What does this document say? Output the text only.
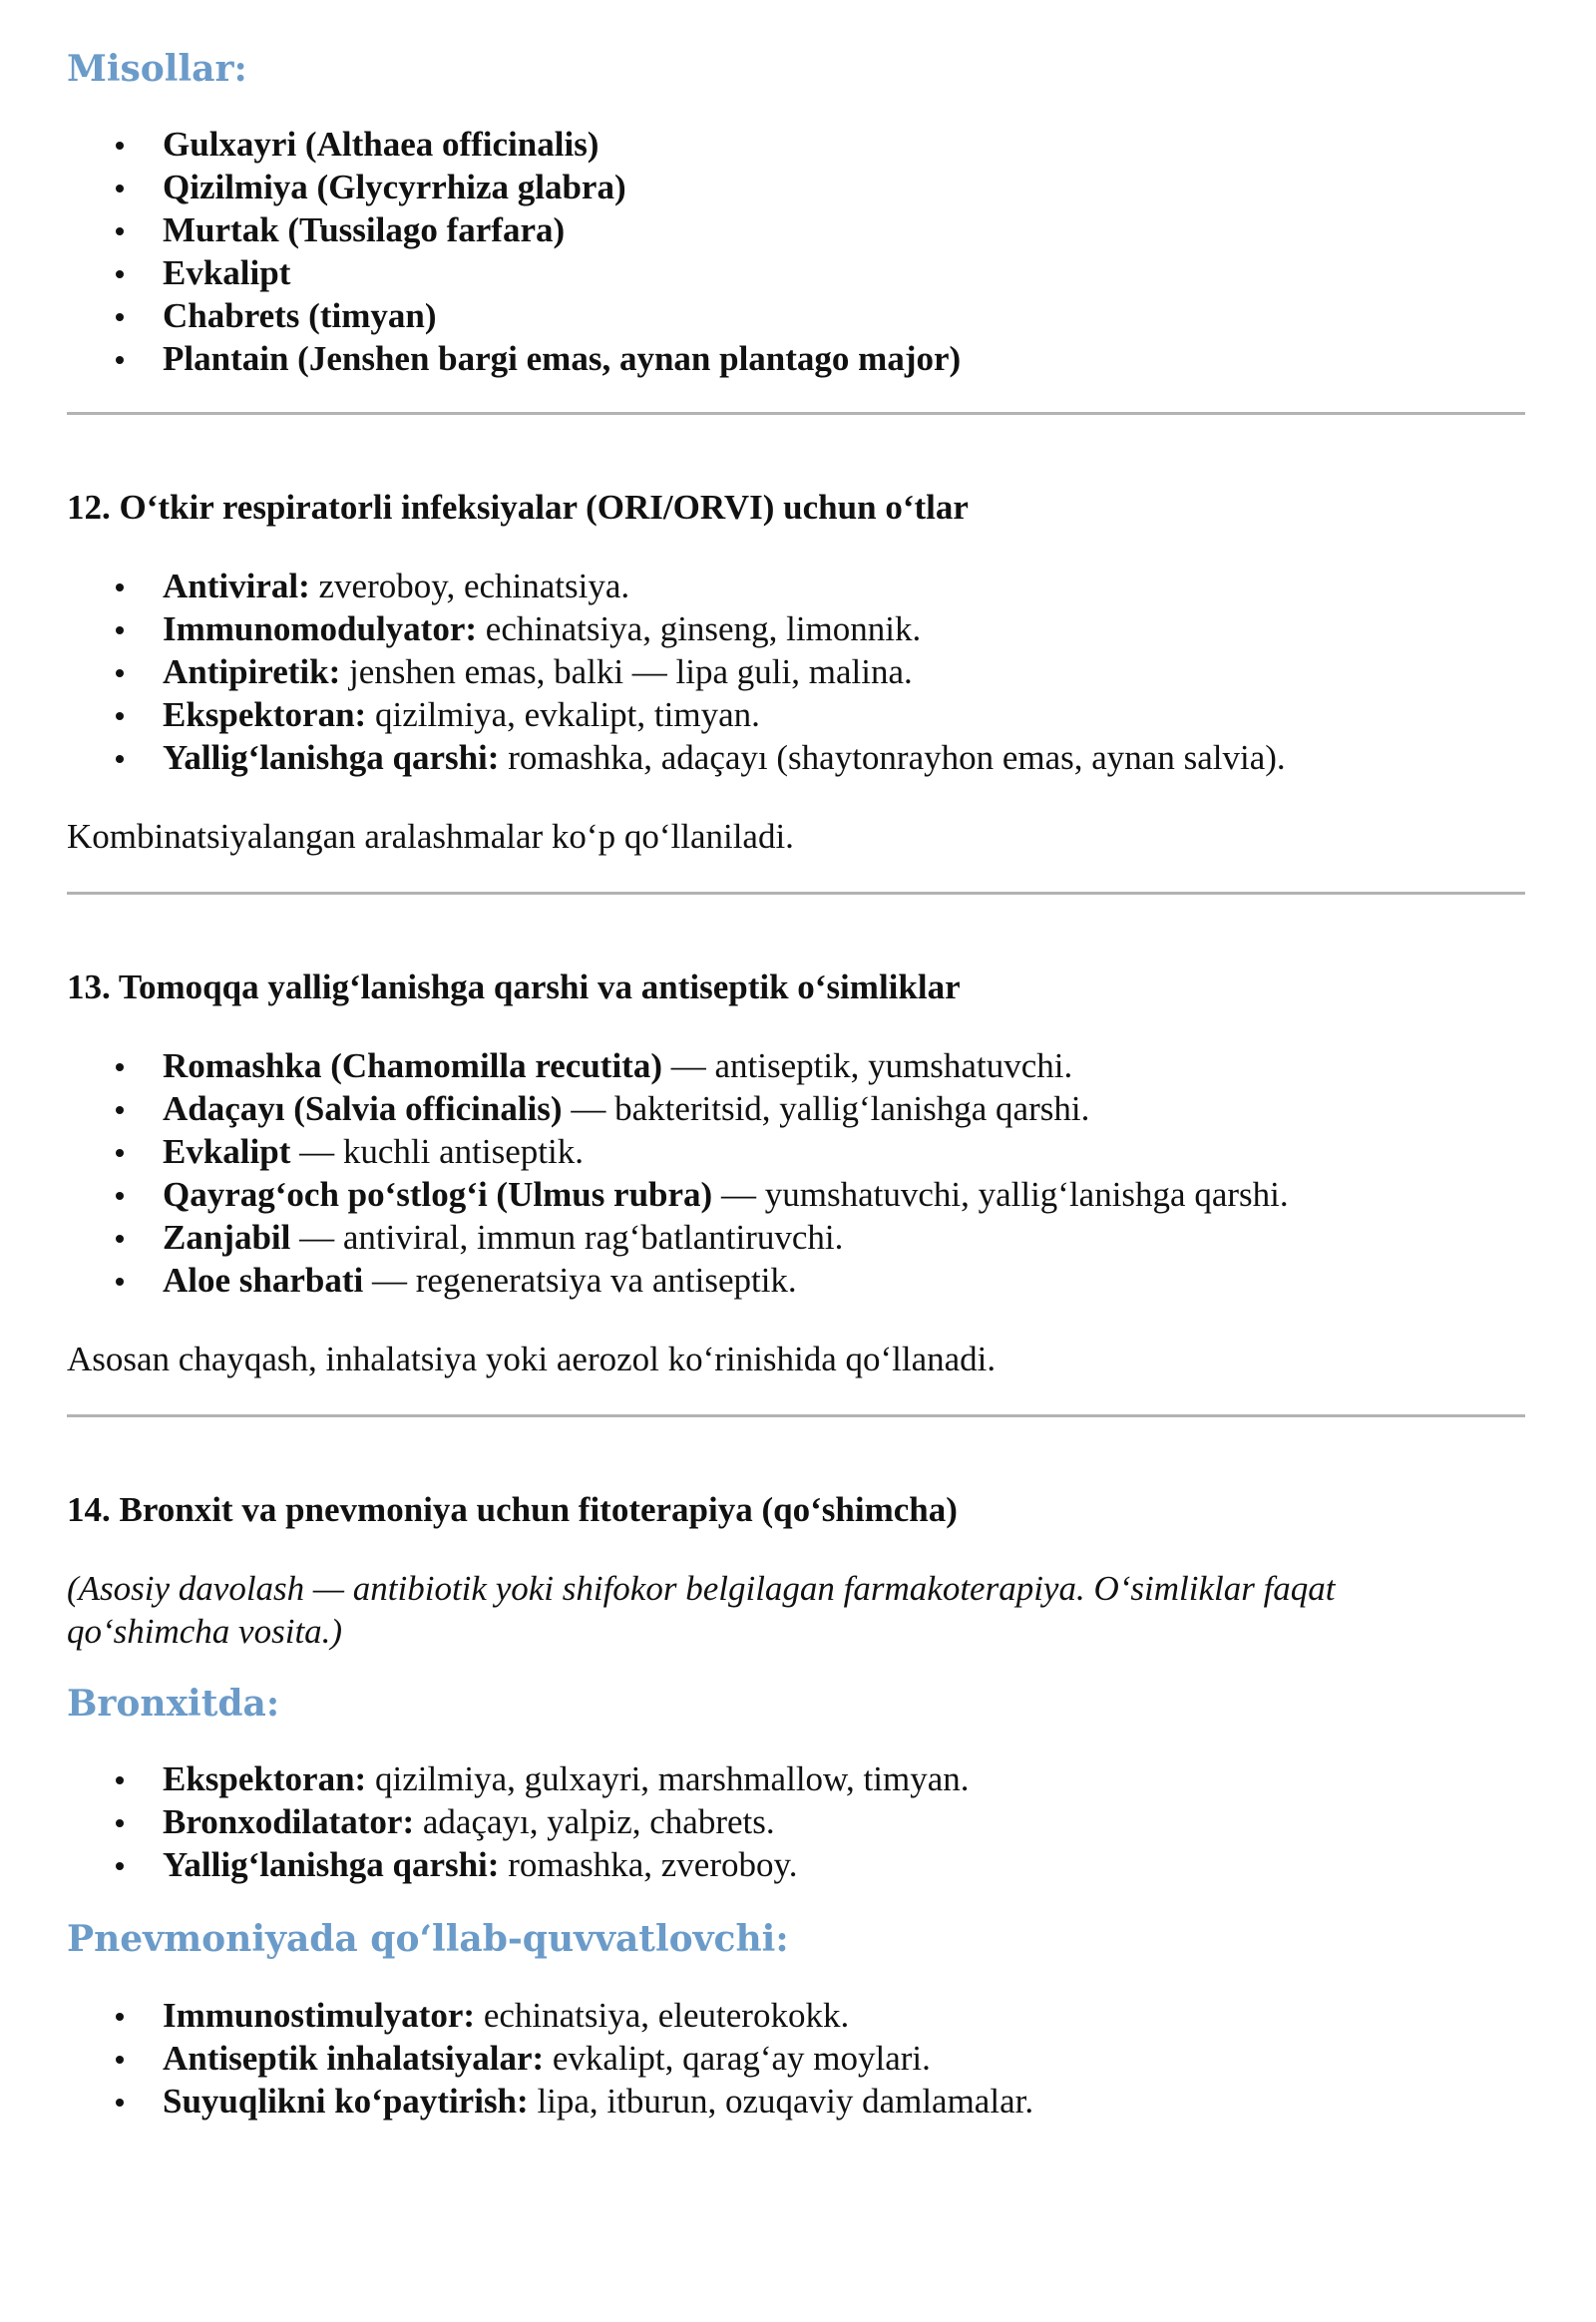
Misollar:
Gulxayri (Althaea officinalis)
Qizilmiya (Glycyrrhiza glabra)
Murtak (Tussilago farfara)
Evkalipt
Chabrets (timyan)
Plantain (Jenshen bargi emas, aynan plantago major)
12. O‘tkir respiratorli infeksiyalar (ORI/ORVI) uchun o‘tlar
Antiviral: zveroboy, echinatsiya.
Immunomodulyator: echinatsiya, ginseng, limonnik.
Antipiretik: jenshen emas, balki — lipa guli, malina.
Ekspektoran: qizilmiya, evkalipt, timyan.
Yallig‘lanishga qarshi: romashka, adaçayı (shaytonrayhon emas, aynan salvia).

Kombinatsiyalangan aralashmalar ko‘p qo‘llaniladi.

13. Tomoqqa yallig‘lanishga qarshi va antiseptik o‘simliklar
Romashka (Chamomilla recutita) — antiseptik, yumshatuvchi.
Adaçayı (Salvia officinalis) — bakteritsid, yallig‘lanishga qarshi.
Evkalipt — kuchli antiseptik.
Qayrag‘och po‘stlog‘i (Ulmus rubra) — yumshatuvchi, yallig‘lanishga qarshi.
Zanjabil — antiviral, immun rag‘batlantiruvchi.
Aloe sharbati — regeneratsiya va antiseptik.

Asosan chayqash, inhalatsiya yoki aerozol ko‘rinishida qo‘llanadi.

14. Bronxit va pnevmoniya uchun fitoterapiya (qo‘shimcha)

(Asosiy davolash — antibiotik yoki shifokor belgilagan farmakoterapiya. O‘simliklar faqat
qo‘shimcha vosita.)

Bronxitda:
Ekspektoran: qizilmiya, gulxayri, marshmallow, timyan.
Bronxodilatator: adaçayı, yalpiz, chabrets.
Yallig‘lanishga qarshi: romashka, zveroboy.
Pnevmoniyada qo‘llab-quvvatlovchi:
Immunostimulyator: echinatsiya, eleuterokokk.
Antiseptik inhalatsiyalar: evkalipt, qarag‘ay moylari.
Suyuqlikni ko‘paytirish: lipa, itburun, ozuqaviy damlamalar.
